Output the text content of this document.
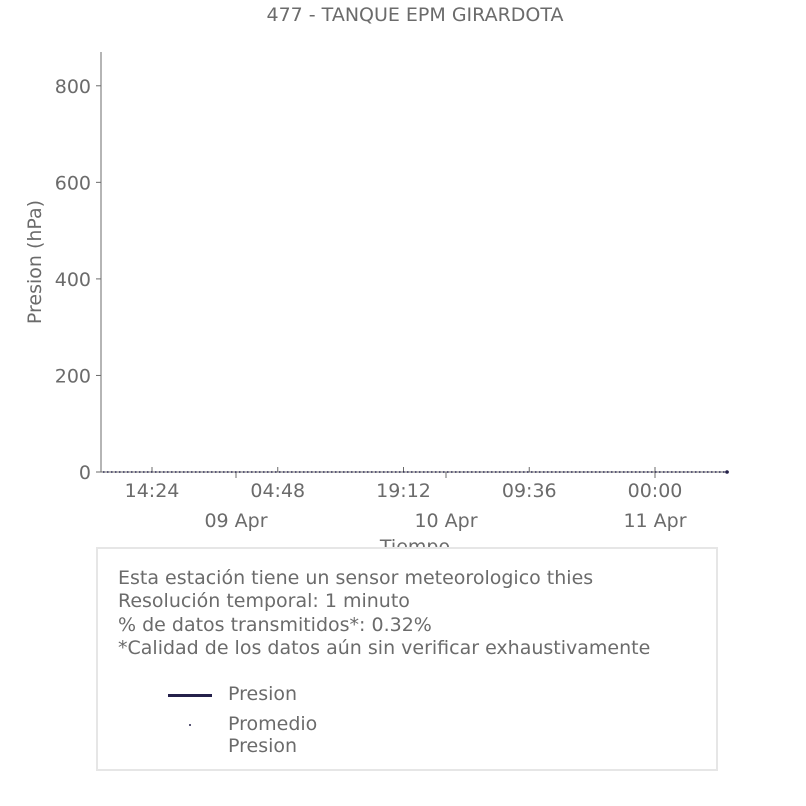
477 - TANQUE EPM GIRARDOTA
0
200
400
600
800
14:24	04:48
09 Apr
19:12
10 Apr
09:36	00:00
11 Apr
Presion (hPa)
Esta estación tiene un sensor meteorologico thies
Resolución temporal: 1 minuto
% de datos transmitidos*: 0.32%
*Calidad de los datos aún sin verificar exhaustivamente
Presion
Promedio Presion
